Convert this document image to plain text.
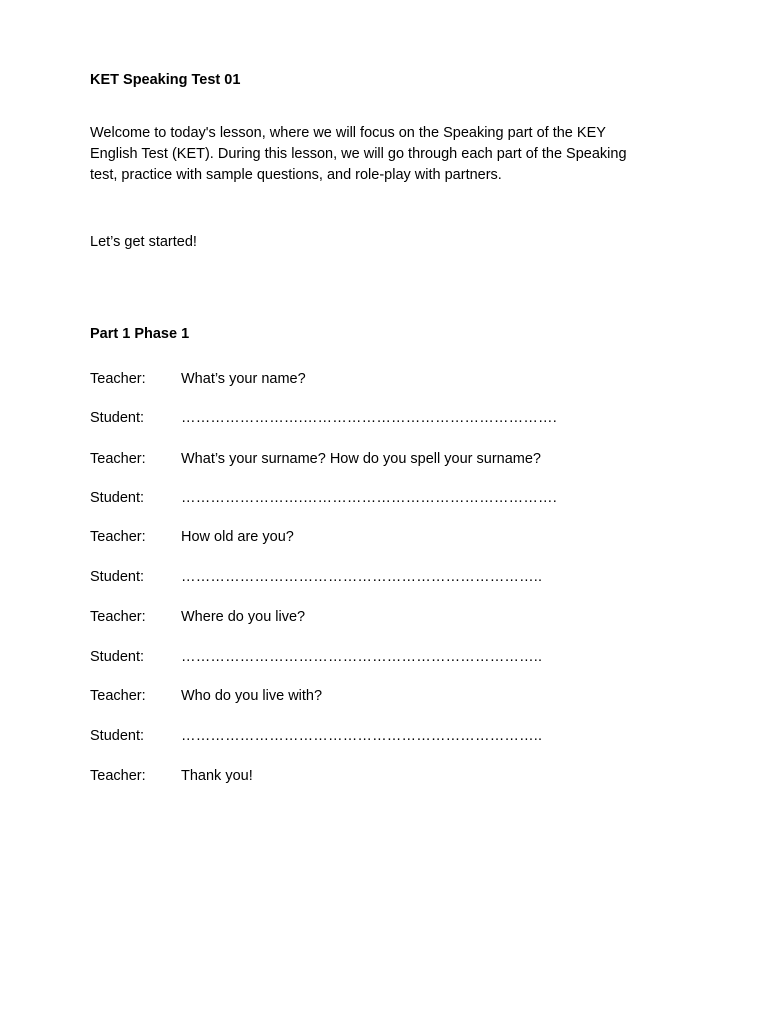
KET Speaking Test 01
Welcome to today's lesson, where we will focus on the Speaking part of the KEY
English Test (KET). During this lesson, we will go through each part of the Speaking
test, practice with sample questions, and role-play with partners.
Let’s get started!
Part 1 Phase 1
Teacher: What’s your name?
Student:	…………………….…………………………………………….
Teacher: What’s your surname? How do you spell your surname?
Student:	…………………….…………………………………………….
Teacher: How old are you?
Student:	………………………………………………………………..
Teacher: Where do you live?
Student:	………………………………………………………………..
Teacher: Who do you live with?
Student:	………………………………………………………………..
Teacher: Thank you!
